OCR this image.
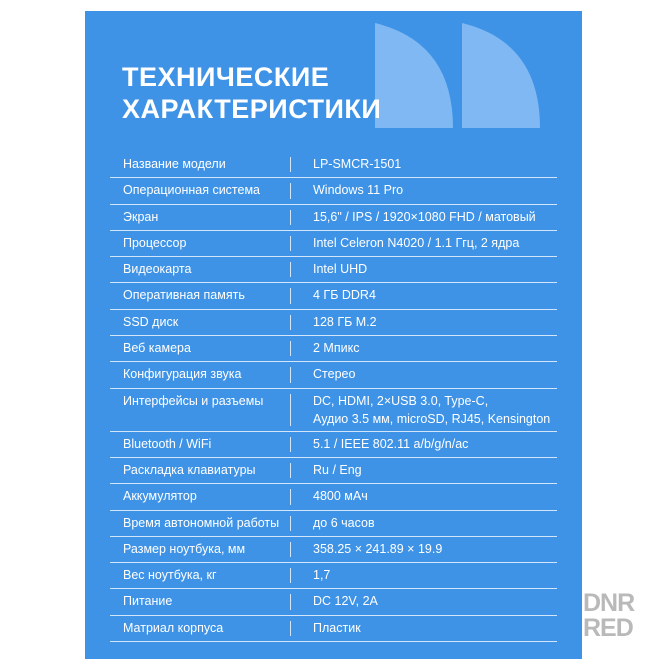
ТЕХНИЧЕСКИЕ
ХАРАКТЕРИСТИКИ
Название модели	LP-SMCR-1501
Операционная система	Windows 11 Pro
Экран	15,6" / IPS / 1920×1080 FHD / матовый
Процессор	Intel Celeron N4020 / 1.1 Ггц, 2 ядра
Видеокарта	Intel UHD
Оперативная память	4 ГБ DDR4
SSD диск	128 ГБ M.2
Веб камера	2 Мпикс
Конфигурация звука	Стерео
Интерфейсы и разъемы	DC, HDMI, 2×USB 3.0, Type-C,
Аудио 3.5 мм, microSD, RJ45, Kensington
Bluetooth / WiFi	5.1 / IEEE 802.11 a/b/g/n/ac
Раскладка клавиатуры	Ru / Eng
Аккумулятор	4800 мАч
Время автономной работы	до 6 часов
Размер ноутбука, мм	358.25 × 241.89 × 19.9
Вес ноутбука, кг	1,7
Питание	DC 12V, 2A
Матриал корпуса	Пластик
DNR
RED
